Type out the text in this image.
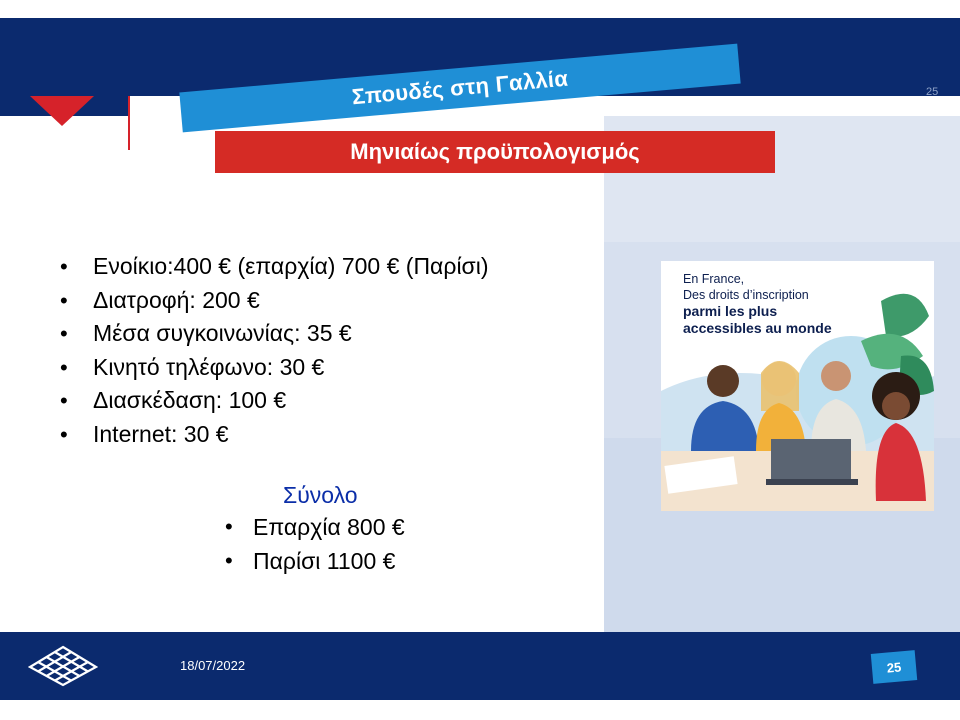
25
Σπουδές στη Γαλλία
Μηνιαίως προϋπολογισμός
• Ενοίκιο:400 € (επαρχία) 700 € (Παρίσι)
• Διατροφή: 200 €
• Μέσα συγκοινωνίας: 35 €
• Κινητό τηλέφωνο: 30 €
• Διασκέδαση: 100 €
• Internet: 30 €
Σύνολο
• Επαρχία 800 €
• Παρίσι 1100 €
En France,
Des droits d’inscription
parmi les plus
accessibles au monde
18/07/2022	25
